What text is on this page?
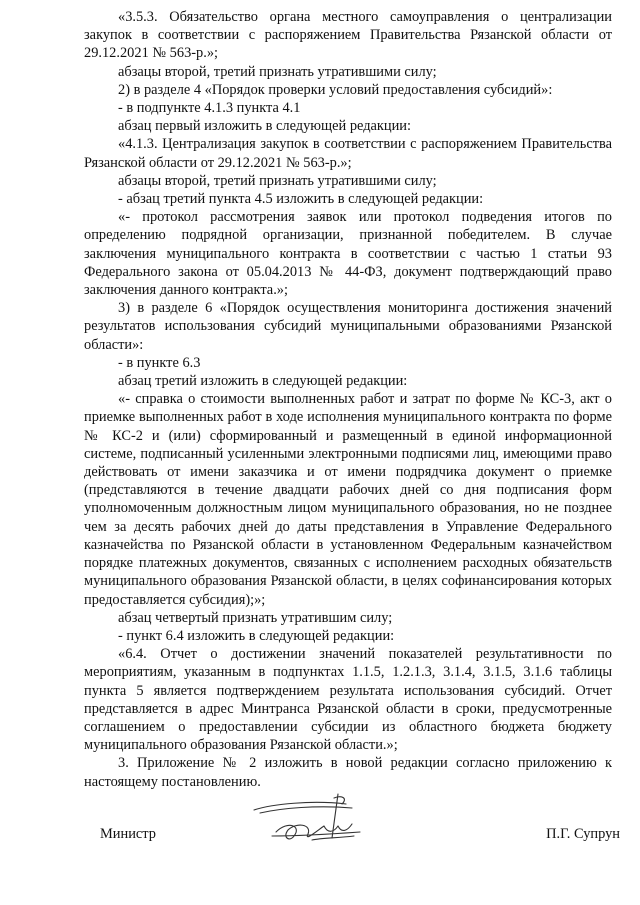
«3.5.3. Обязательство органа местного самоуправления о централизации закупок в соответствии с распоряжением Правительства Рязанской области от 29.12.2021 № 563-р.»;

абзацы второй, третий признать утратившими силу;

2) в разделе 4 «Порядок проверки условий предоставления субсидий»:

- в подпункте 4.1.3 пункта 4.1

абзац первый изложить в следующей редакции:

«4.1.3. Централизация закупок в соответствии с распоряжением Правительства Рязанской области от 29.12.2021 № 563-р.»;

абзацы второй, третий признать утратившими силу;

- абзац третий пункта 4.5 изложить в следующей редакции:

«- протокол рассмотрения заявок или протокол подведения итогов по определению подрядной организации, признанной победителем. В случае заключения муниципального контракта в соответствии с частью 1 статьи 93 Федерального закона от 05.04.2013 № 44-ФЗ, документ подтверждающий право заключения данного контракта.»;

3) в разделе 6 «Порядок осуществления мониторинга достижения значений результатов использования субсидий муниципальными образованиями Рязанской области»:

- в пункте 6.3

абзац третий изложить в следующей редакции:

«- справка о стоимости выполненных работ и затрат по форме № КС-3, акт о приемке выполненных работ в ходе исполнения муниципального контракта по форме № КС-2 и (или) сформированный и размещенный в единой информационной системе, подписанный усиленными электронными подписями лиц, имеющими право действовать от имени заказчика и от имени подрядчика документ о приемке (представляются в течение двадцати рабочих дней со дня подписания форм уполномоченным должностным лицом муниципального образования, но не позднее чем за десять рабочих дней до даты представления в Управление Федерального казначейства по Рязанской области в установленном Федеральным казначейством порядке платежных документов, связанных с исполнением расходных обязательств муниципального образования Рязанской области, в целях софинансирования которых предоставляется субсидия);»;

абзац четвертый признать утратившим силу;

- пункт 6.4 изложить в следующей редакции:

«6.4. Отчет о достижении значений показателей результативности по мероприятиям, указанным в подпунктах 1.1.5, 1.2.1.3, 3.1.4, 3.1.5, 3.1.6 таблицы пункта 5 является подтверждением результата использования субсидий. Отчет представляется в адрес Минтранса Рязанской области в сроки, предусмотренные соглашением о предоставлении субсидии из областного бюджета бюджету муниципального образования Рязанской области.»;

3. Приложение № 2 изложить в новой редакции согласно приложению к настоящему постановлению.

Министр	П.Г. Супрун
